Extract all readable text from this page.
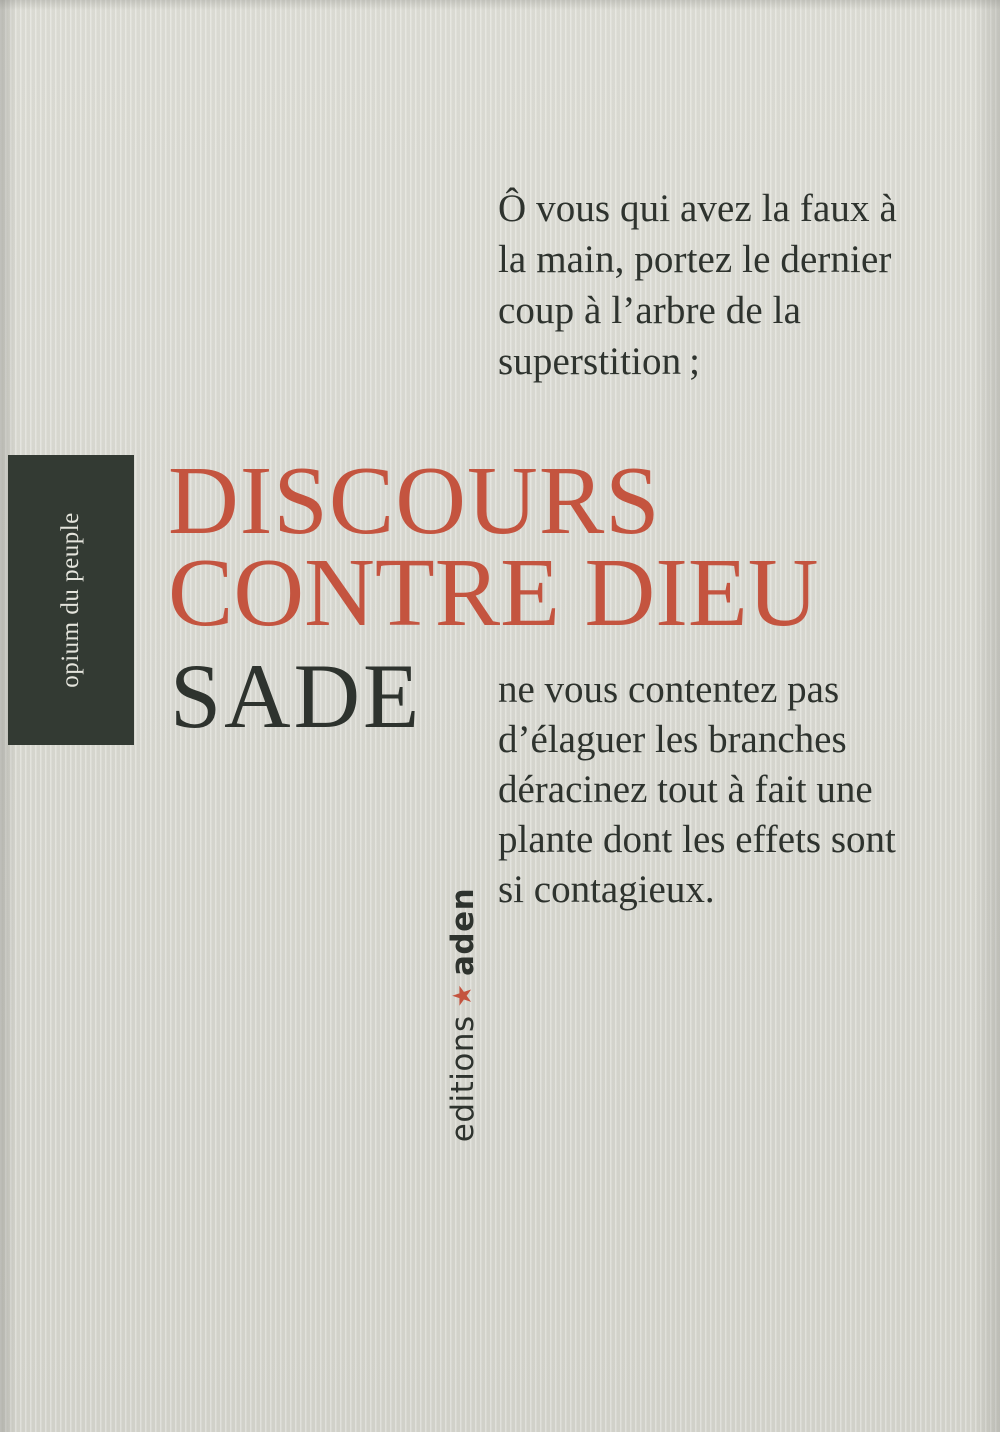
opium du peuple
Ô vous qui avez la faux à la main, portez le dernier coup à l’arbre de la superstition ;
DISCOURS
CONTRE DIEU
SADE ne vous contentez pas d’élaguer les branches déracinez tout à fait une plante dont les effets sont si contagieux.
editions
★
aden
